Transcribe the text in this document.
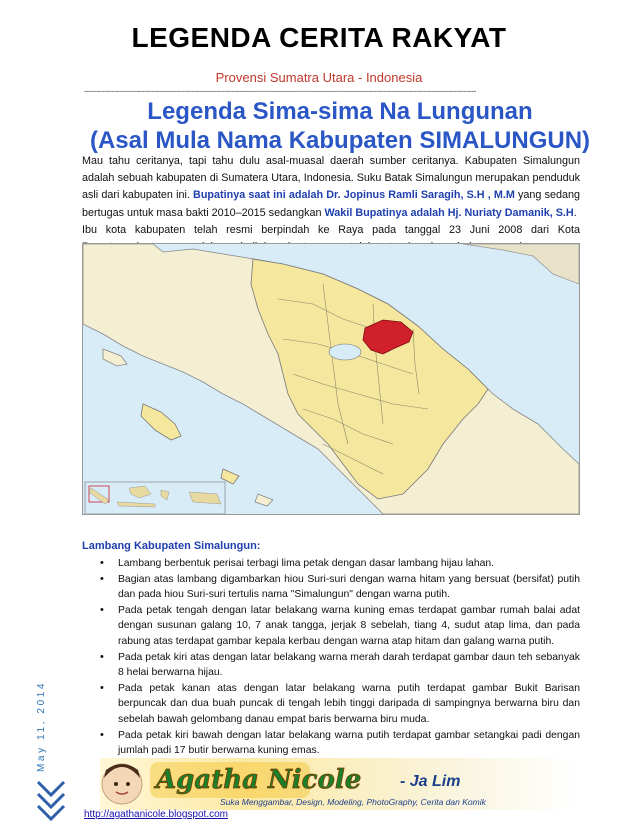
LEGENDA CERITA RAKYAT
Provensi Sumatra Utara - Indonesia
-------------------------------------------------------------------------------------------------------------------------------------------------------------
Legenda Sima-sima Na Lungunan
(Asal Mula Nama Kabupaten SIMALUNGUN)
Mau tahu ceritanya, tapi tahu dulu asal-muasal daerah sumber ceritanya. Kabupaten Simalungun adalah sebuah kabupaten di Sumatera Utara, Indonesia. Suku Batak Simalungun merupakan penduduk asli dari kabupaten ini. Bupatinya saat ini adalah Dr. Jopinus Ramli Saragih, S.H , M.M yang sedang bertugas untuk masa bakti 2010–2015 sedangkan Wakil Bupatinya adalah Hj. Nuriaty Damanik, S.H.
Ibu kota kabupaten telah resmi berpindah ke Raya pada tanggal 23 Juni 2008 dari Kota
Lambang Kabupaten Simalungun:
• Lambang berbentuk perisai terbagi lima petak dengan dasar lambang hijau lahan.
• Bagian atas lambang digambarkan hiou Suri-suri dengan warna hitam yang bersuat (bersifat) putih dan pada hiou Suri-suri tertulis nama "Simalungun" dengan warna putih.
• Pada petak tengah dengan latar belakang warna kuning emas terdapat gambar rumah balai adat dengan susunan galang 10, 7 anak tangga, jerjak 8 sebelah, tiang 4, sudut atap lima, dan pada rabung atas terdapat gambar kepala kerbau dengan warna atap hitam dan galang warna putih.
• Pada petak kiri atas dengan latar belakang warna merah darah terdapat gambar daun teh sebanyak 8 helai berwarna hijau.
• Pada petak kanan atas dengan latar belakang warna putih terdapat gambar Bukit Barisan berpuncak dan dua buah puncak di tengah lebih tinggi daripada di sampingnya berwarna biru dan sebelah bawah gelombang danau empat baris berwarna biru muda.
• Pada petak kiri bawah dengan latar belakang warna putih terdapat gambar setangkai padi dengan jumlah padi 17 butir berwarna kuning emas.
May 11, 2014
Agatha Nicole - Ja Lim
Suka Menggambar, Design, Modeling, PhotoGraphy, Cerita dan Komik
http://agathanicole.blogspot.com
